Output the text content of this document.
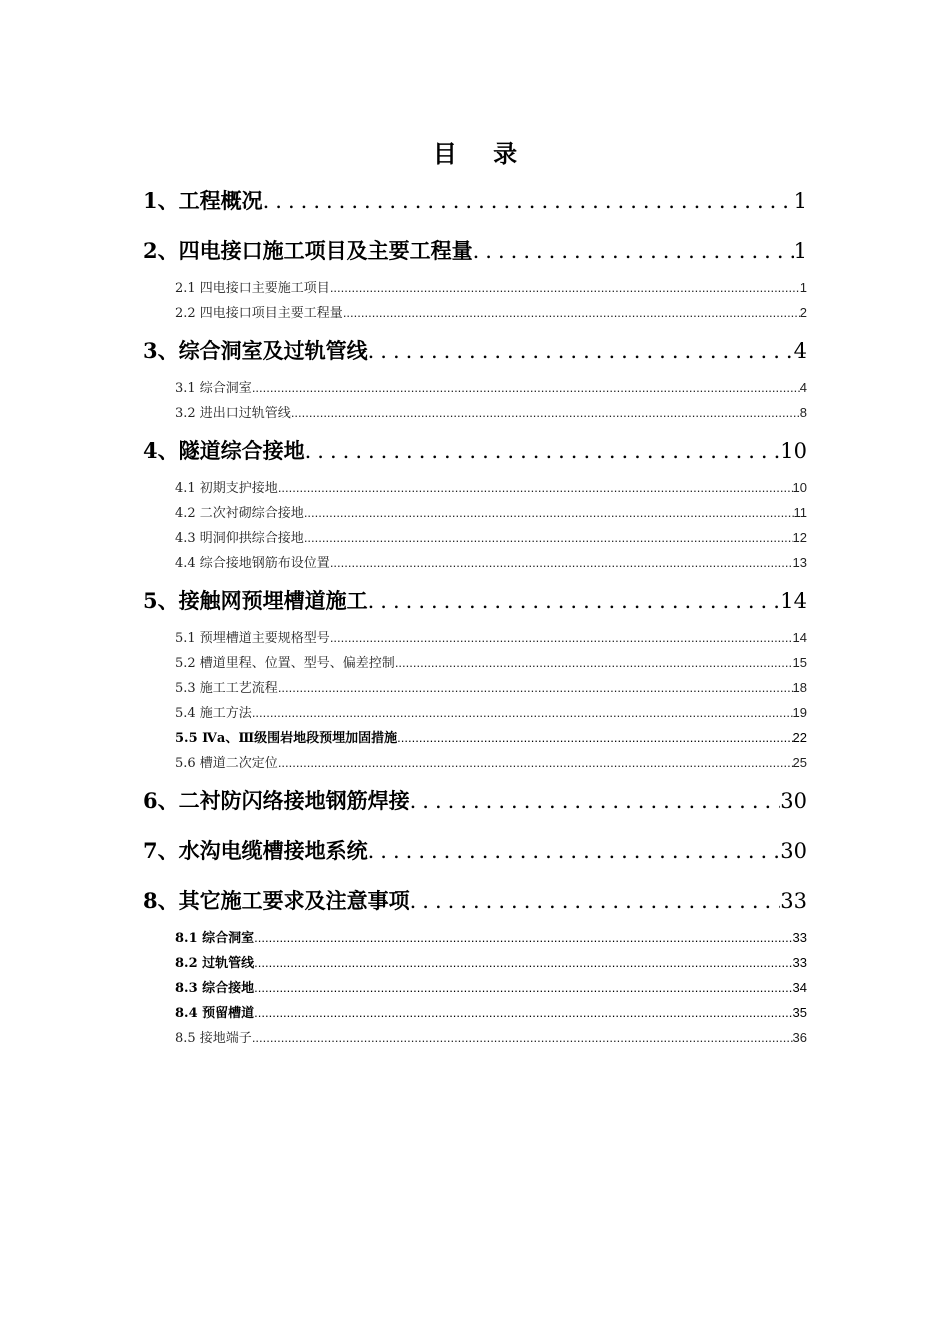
目 录
1、工程概况 .....	1
2、四电接口施工项目及主要工程量 .....	1
2.1 四电接口主要施工项目 .....	1
2.2 四电接口项目主要工程量 .....	2
3、综合洞室及过轨管线 .....	4
3.1 综合洞室 .....	4
3.2 进出口过轨管线 .....	8
4、隧道综合接地 .....	10
4.1 初期支护接地 .....	10
4.2 二次衬砌综合接地 .....	11
4.3 明洞仰拱综合接地 .....	12
4.4 综合接地钢筋布设位置 .....	13
5、接触网预埋槽道施工 .....	14
5.1 预埋槽道主要规格型号 .....	14
5.2 槽道里程、位置、型号、偏差控制 .....	15
5.3 施工工艺流程 .....	18
5.4 施工方法 .....	19
5.5 Ⅳa、Ⅲ级围岩地段预埋加固措施 .....	22
5.6 槽道二次定位 .....	25
6、二衬防闪络接地钢筋焊接 .....	30
7、水沟电缆槽接地系统 .....	30
8、其它施工要求及注意事项 .....	33
8.1 综合洞室 .....	33
8.2 过轨管线 .....	33
8.3 综合接地 .....	34
8.4 预留槽道 .....	35
8.5 接地端子 .....	36
